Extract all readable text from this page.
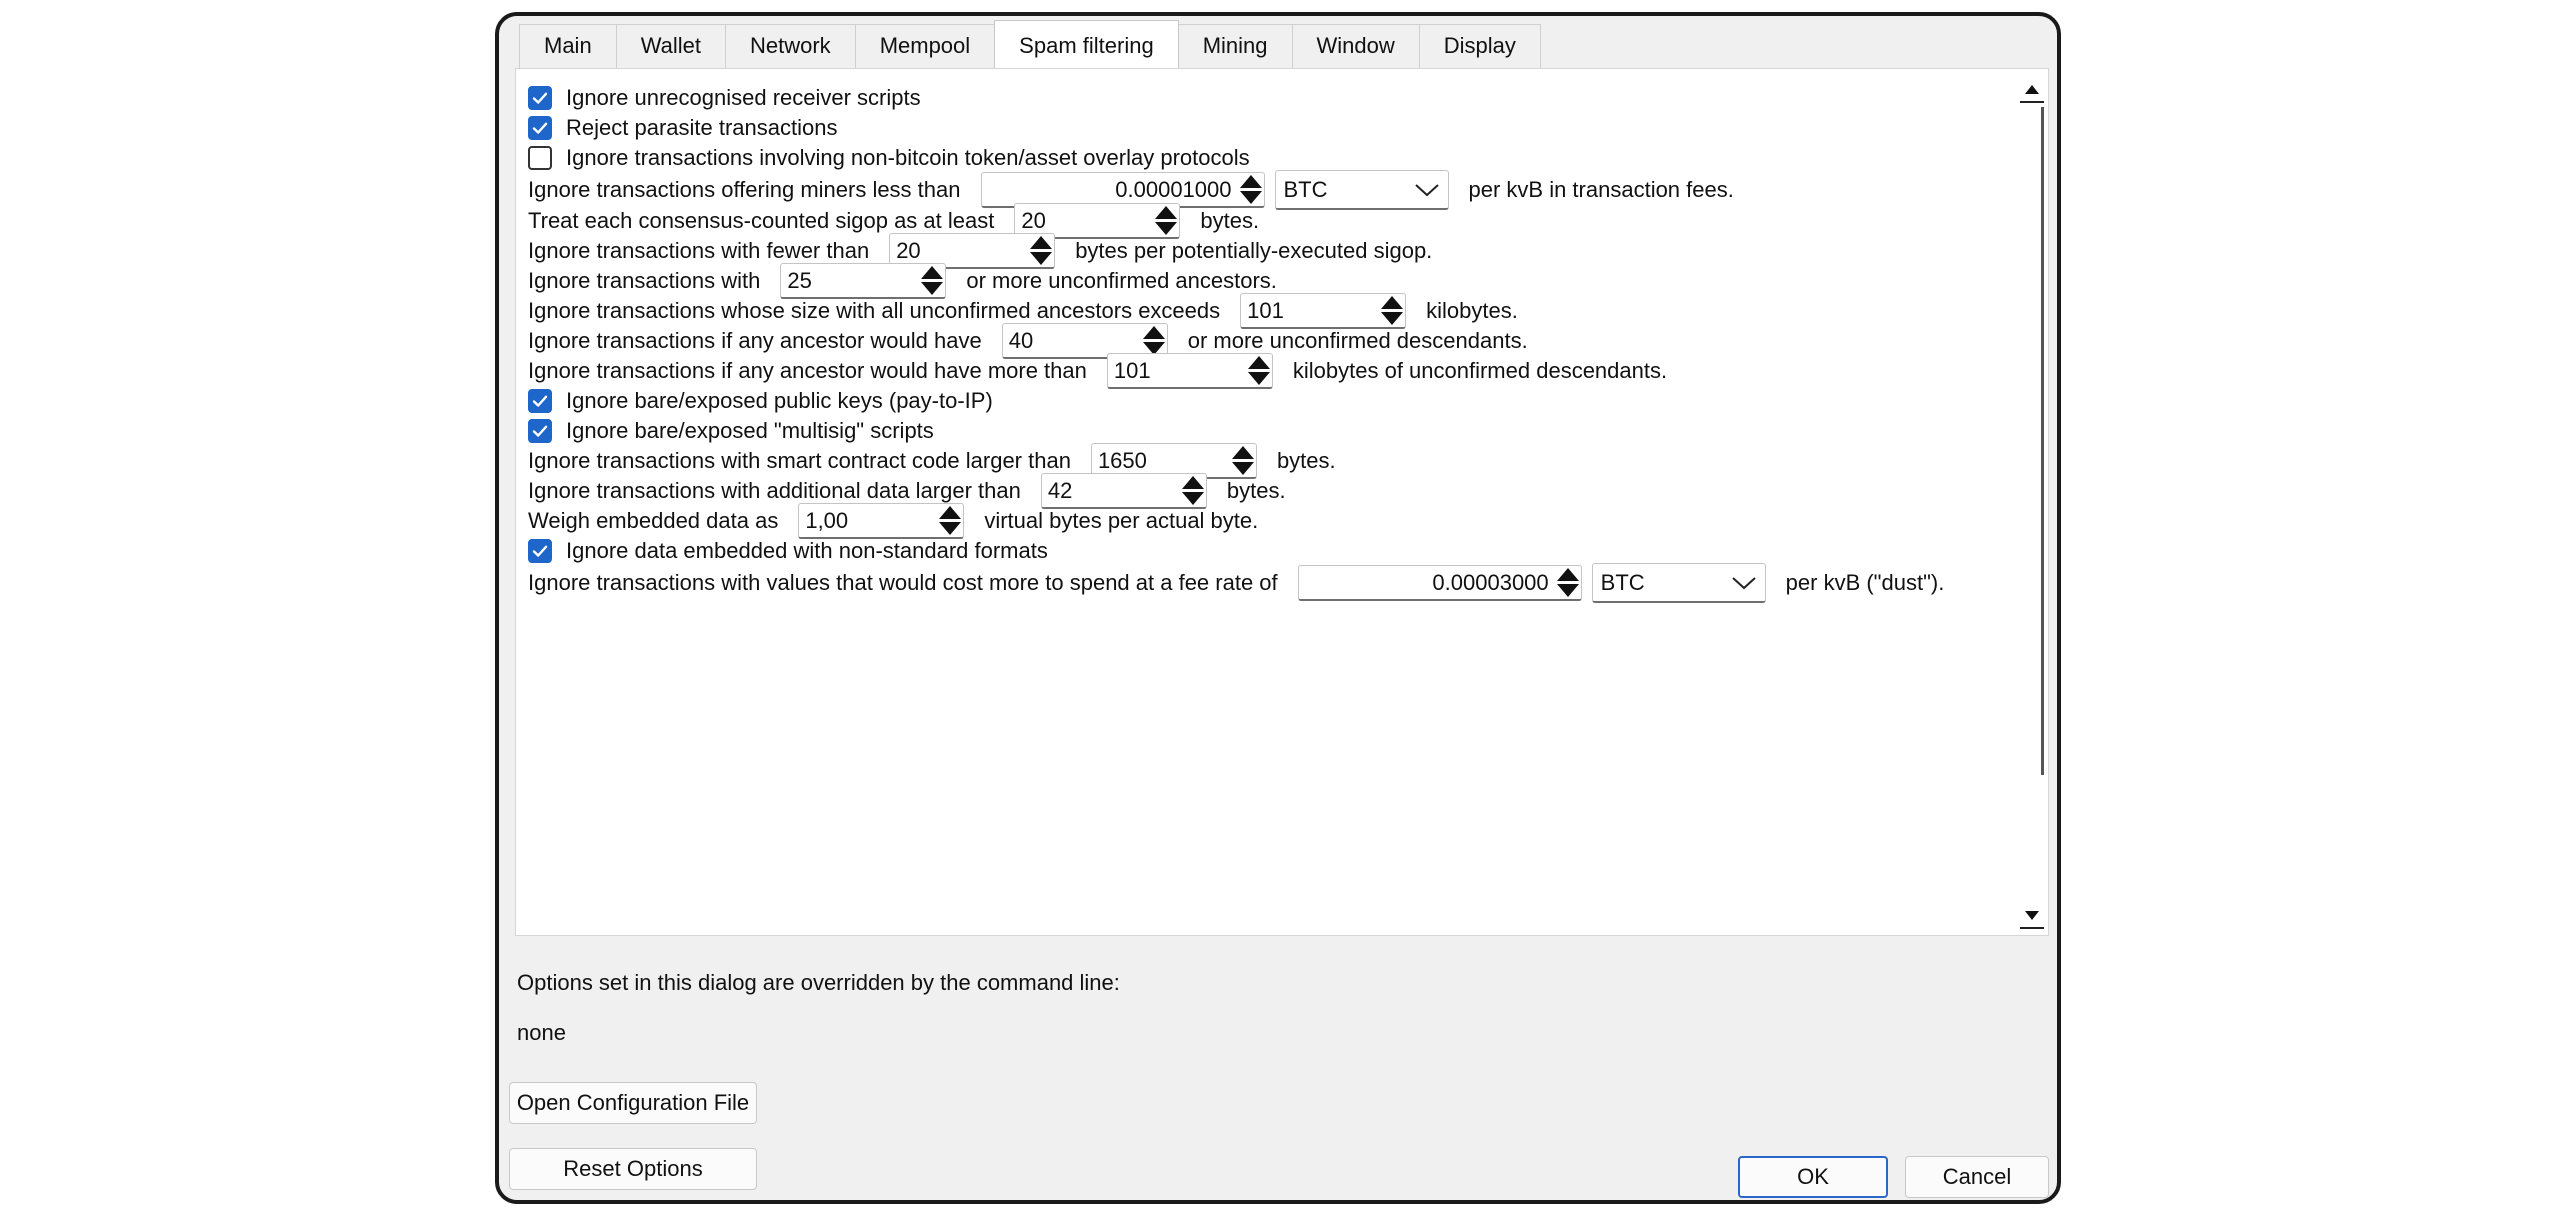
Main	Wallet	Network	Mempool	Spam filtering	Mining	Window	Display
Ignore unrecognised receiver scripts
Reject parasite transactions
Ignore transactions involving non-bitcoin token/asset overlay protocols
Ignore transactions offering miners less than	0.00001000 BTC	per kvB in transaction fees.
Treat each consensus-counted sigop as at least 20	bytes.
Ignore transactions with fewer than 20	bytes per potentially-executed sigop.
Ignore transactions with 25	or more unconfirmed ancestors.
Ignore transactions whose size with all unconfirmed ancestors exceeds 101	kilobytes.
Ignore transactions if any ancestor would have 40	or more unconfirmed descendants.
Ignore transactions if any ancestor would have more than 101	kilobytes of unconfirmed descendants.
Ignore bare/exposed public keys (pay-to-IP)
Ignore bare/exposed "multisig" scripts
Ignore transactions with smart contract code larger than 1650	bytes.
Ignore transactions with additional data larger than 42	bytes.
Weigh embedded data as 1,00	virtual bytes per actual byte.
Ignore data embedded with non-standard formats
Ignore transactions with values that would cost more to spend at a fee rate of	0.00003000 BTC	per kvB ("dust").
Options set in this dialog are overridden by the command line:
none
Open Configuration File
Reset Options	OK	Cancel
